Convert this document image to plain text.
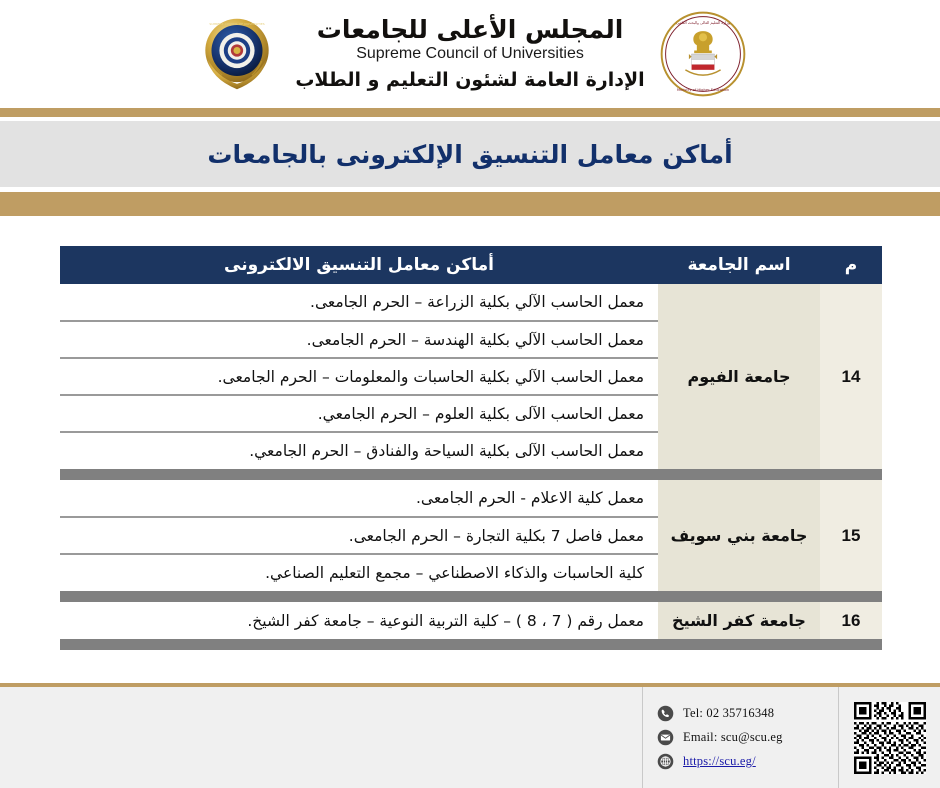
وزارة التعليم العالى والبحث العلمى
Ministry of Higher Education
المجلس الأعلى للجامعات
Supreme Council of Universities
الإدارة العامة لشئون التعليم و الطلاب
SUPREME COUNCIL OF UNIVERSITIES
أماكن معامل التنسيق الإلكترونى بالجامعات
م	اسم الجامعة	أماكن معامل التنسيق الالكترونى
14	جامعة الفيوم	معمل الحاسب الآلي بكلية الزراعة – الحرم الجامعى.
		معمل الحاسب الآلي بكلية الهندسة – الحرم الجامعى.
		معمل الحاسب الآلي بكلية الحاسبات والمعلومات – الحرم الجامعى.
		معمل الحاسب الآلى بكلية العلوم – الحرم الجامعي.
		معمل الحاسب الآلى بكلية السياحة والفنادق – الحرم الجامعي.

15	جامعة بني سويف	معمل كلية الاعلام - الحرم الجامعى.
		معمل فاصل 7 بكلية التجارة – الحرم الجامعى.
		كلية الحاسبات والذكاء الاصطناعي – مجمع التعليم الصناعي.

16	جامعة كفر الشيخ	معمل رقم ( 7 ، 8 ) – كلية التربية النوعية – جامعة كفر الشيخ.

Tel: 02 35716348
Email: scu@scu.eg
https://scu.eg/
